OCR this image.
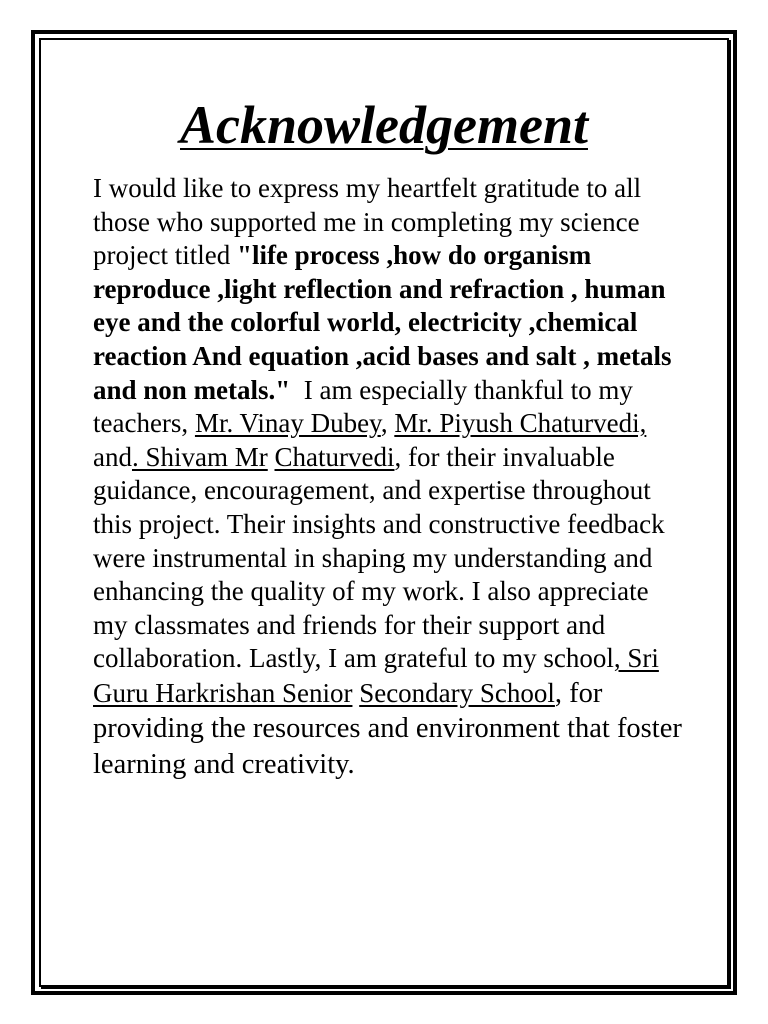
Acknowledgement

I would like to express my heartfelt gratitude to all those who supported me in completing my science project titled "life process ,how do organism reproduce ,light reflection and refraction , human eye and the colorful world, electricity ,chemical reaction And equation ,acid bases and salt , metals and non metals."  I am especially thankful to my teachers, Mr. Vinay Dubey, Mr. Piyush Chaturvedi, and. Shivam Mr Chaturvedi, for their invaluable guidance, encouragement, and expertise throughout this project. Their insights and constructive feedback were instrumental in shaping my understanding and enhancing the quality of my work. I also appreciate my classmates and friends for their support and collaboration. Lastly, I am grateful to my school, Sri Guru Harkrishan Senior Secondary School, for providing the resources and environment that foster learning and creativity.
